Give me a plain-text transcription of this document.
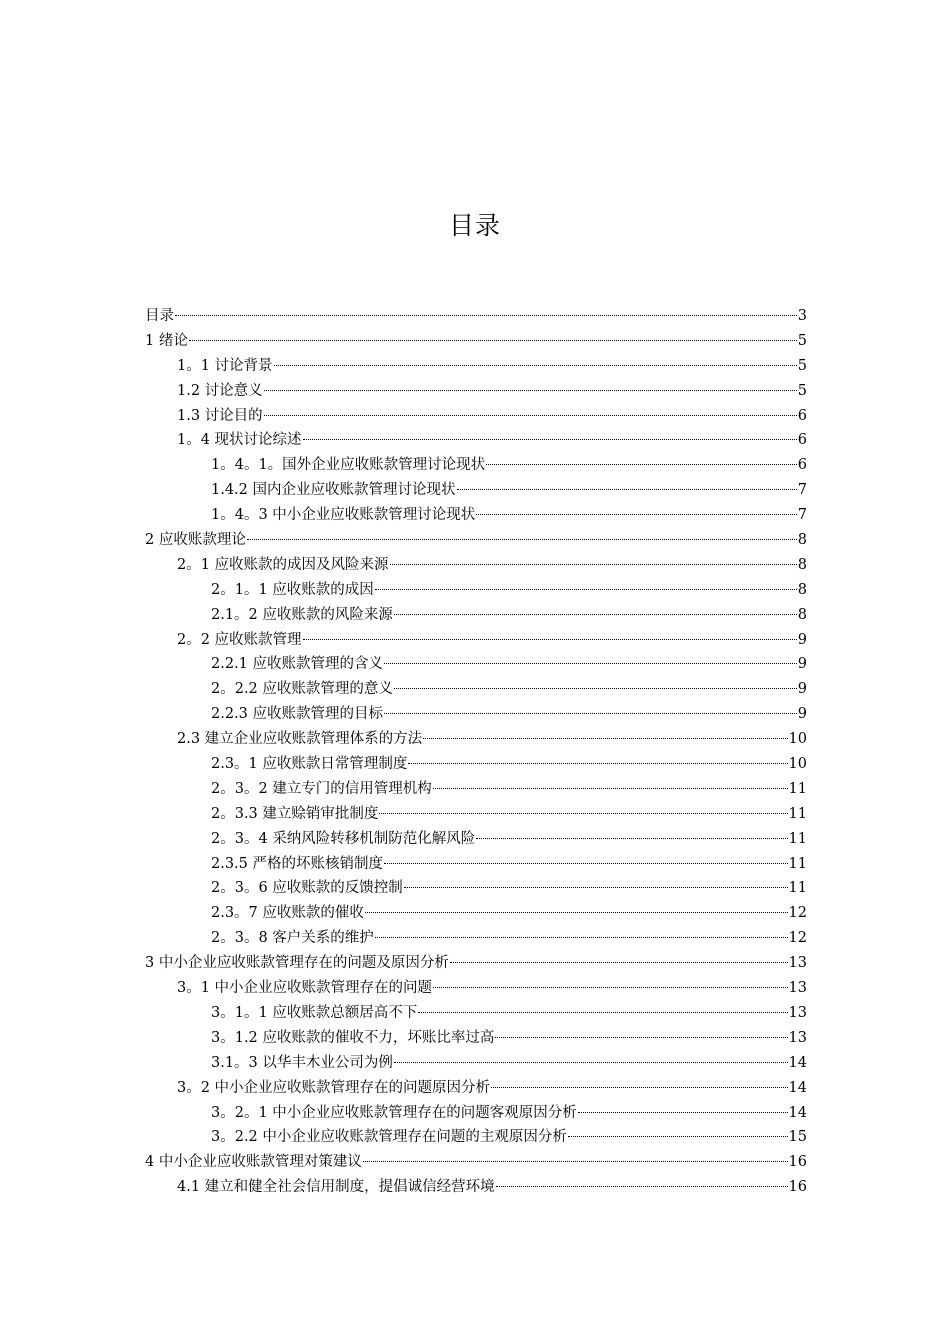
目录
目录	3
1 绪论	5
1。1 讨论背景	5
1.2 讨论意义	5
1.3 讨论目的	6
1。4 现状讨论综述	6
1。4。1。国外企业应收账款管理讨论现状	6
1.4.2 国内企业应收账款管理讨论现状	7
1。4。3 中小企业应收账款管理讨论现状	7
2 应收账款理论	8
2。1 应收账款的成因及风险来源	8
2。1。1 应收账款的成因	8
2.1。2 应收账款的风险来源	8
2。2 应收账款管理	9
2.2.1 应收账款管理的含义	9
2。2.2 应收账款管理的意义	9
2.2.3 应收账款管理的目标	9
2.3 建立企业应收账款管理体系的方法	10
2.3。1 应收账款日常管理制度	10
2。3。2 建立专门的信用管理机构	11
2。3.3 建立赊销审批制度	11
2。3。4 采纳风险转移机制防范化解风险	11
2.3.5 严格的坏账核销制度	11
2。3。6 应收账款的反馈控制	11
2.3。7 应收账款的催收	12
2。3。8 客户关系的维护	12
3 中小企业应收账款管理存在的问题及原因分析	13
3。1 中小企业应收账款管理存在的问题	13
3。1。1 应收账款总额居高不下	13
3。1.2 应收账款的催收不力，坏账比率过高	13
3.1。3 以华丰木业公司为例	14
3。2 中小企业应收账款管理存在的问题原因分析	14
3。2。1 中小企业应收账款管理存在的问题客观原因分析	14
3。2.2 中小企业应收账款管理存在问题的主观原因分析	15
4 中小企业应收账款管理对策建议	16
4.1 建立和健全社会信用制度，提倡诚信经营环境	16
